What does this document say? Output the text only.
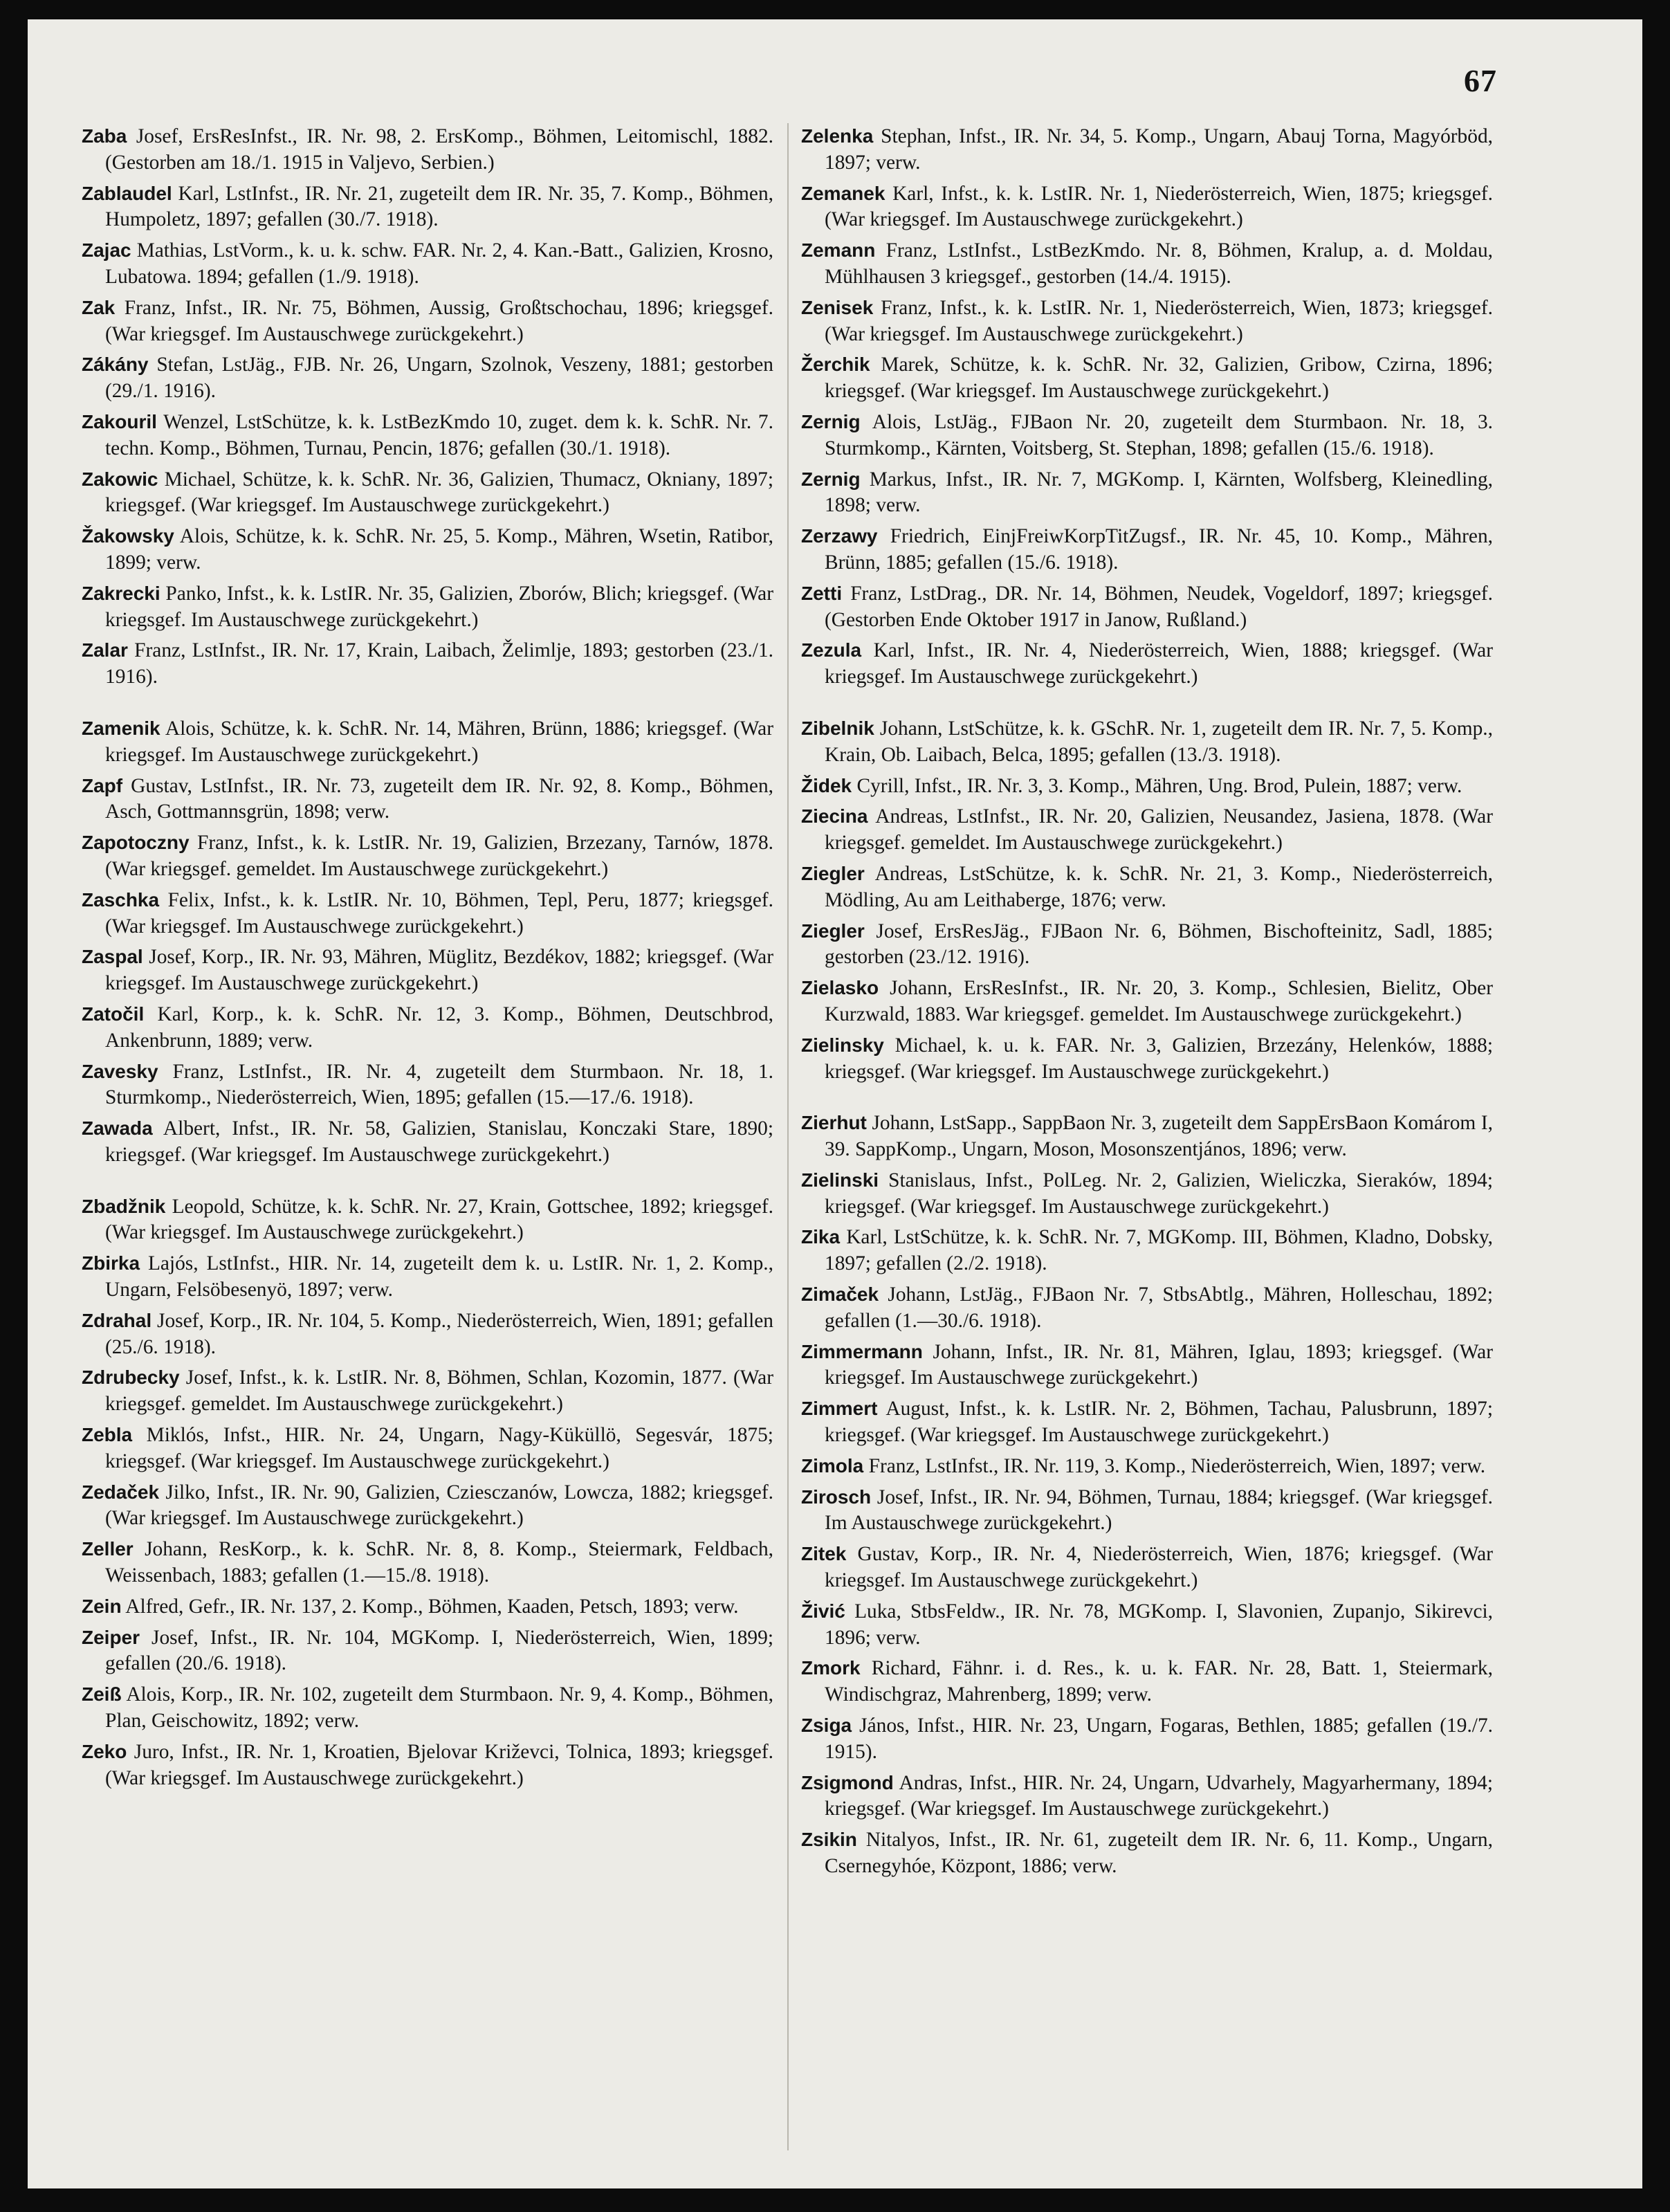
67

Zaba Josef, ErsResInfst., IR. Nr. 98, 2. ErsKomp., Böhmen, Leitomischl, 1882. (Gestorben am 18./1. 1915 in Valjevo, Serbien.)

Zablaudel Karl, LstInfst., IR. Nr. 21, zugeteilt dem IR. Nr. 35, 7. Komp., Böhmen, Humpoletz, 1897; gefallen (30./7. 1918).

Zajac Mathias, LstVorm., k. u. k. schw. FAR. Nr. 2, 4. Kan.-Batt., Galizien, Krosno, Lubatowa. 1894; gefallen (1./9. 1918).

Zak Franz, Infst., IR. Nr. 75, Böhmen, Aussig, Großtschochau, 1896; kriegsgef. (War kriegsgef. Im Austauschwege zurückgekehrt.)

Zákány Stefan, LstJäg., FJB. Nr. 26, Ungarn, Szolnok, Veszeny, 1881; gestorben (29./1. 1916).

Zakouril Wenzel, LstSchütze, k. k. LstBezKmdo 10, zuget. dem k. k. SchR. Nr. 7. techn. Komp., Böhmen, Turnau, Pencin, 1876; gefallen (30./1. 1918).

Zakowic Michael, Schütze, k. k. SchR. Nr. 36, Galizien, Thumacz, Okniany, 1897; kriegsgef. (War kriegsgef. Im Austauschwege zurückgekehrt.)

Žakowsky Alois, Schütze, k. k. SchR. Nr. 25, 5. Komp., Mähren, Wsetin, Ratibor, 1899; verw.

Zakrecki Panko, Infst., k. k. LstIR. Nr. 35, Galizien, Zborów, Blich; kriegsgef. (War kriegsgef. Im Austauschwege zurückgekehrt.)

Zalar Franz, LstInfst., IR. Nr. 17, Krain, Laibach, Želimlje, 1893; gestorben (23./1. 1916).

Zamenik Alois, Schütze, k. k. SchR. Nr. 14, Mähren, Brünn, 1886; kriegsgef. (War kriegsgef. Im Austauschwege zurückgekehrt.)

Zapf Gustav, LstInfst., IR. Nr. 73, zugeteilt dem IR. Nr. 92, 8. Komp., Böhmen, Asch, Gottmannsgrün, 1898; verw.

Zapotoczny Franz, Infst., k. k. LstIR. Nr. 19, Galizien, Brzezany, Tarnów, 1878. (War kriegsgef. gemeldet. Im Austauschwege zurückgekehrt.)

Zaschka Felix, Infst., k. k. LstIR. Nr. 10, Böhmen, Tepl, Peru, 1877; kriegsgef. (War kriegsgef. Im Austauschwege zurückgekehrt.)

Zaspal Josef, Korp., IR. Nr. 93, Mähren, Müglitz, Bezdékov, 1882; kriegsgef. (War kriegsgef. Im Austauschwege zurückgekehrt.)

Zatočil Karl, Korp., k. k. SchR. Nr. 12, 3. Komp., Böhmen, Deutschbrod, Ankenbrunn, 1889; verw.

Zavesky Franz, LstInfst., IR. Nr. 4, zugeteilt dem Sturmbaon. Nr. 18, 1. Sturmkomp., Niederösterreich, Wien, 1895; gefallen (15.—17./6. 1918).

Zawada Albert, Infst., IR. Nr. 58, Galizien, Stanislau, Konczaki Stare, 1890; kriegsgef. (War kriegsgef. Im Austauschwege zurückgekehrt.)

Zbadžnik Leopold, Schütze, k. k. SchR. Nr. 27, Krain, Gottschee, 1892; kriegsgef. (War kriegsgef. Im Austauschwege zurückgekehrt.)

Zbirka Lajós, LstInfst., HIR. Nr. 14, zugeteilt dem k. u. LstIR. Nr. 1, 2. Komp., Ungarn, Felsöbesenyö, 1897; verw.

Zdrahal Josef, Korp., IR. Nr. 104, 5. Komp., Niederösterreich, Wien, 1891; gefallen (25./6. 1918).

Zdrubecky Josef, Infst., k. k. LstIR. Nr. 8, Böhmen, Schlan, Kozomin, 1877. (War kriegsgef. gemeldet. Im Austauschwege zurückgekehrt.)

Zebla Miklós, Infst., HIR. Nr. 24, Ungarn, Nagy-Küküllö, Segesvár, 1875; kriegsgef. (War kriegsgef. Im Austauschwege zurückgekehrt.)

Zedaček Jilko, Infst., IR. Nr. 90, Galizien, Cziesczanów, Lowcza, 1882; kriegsgef. (War kriegsgef. Im Austauschwege zurückgekehrt.)

Zeller Johann, ResKorp., k. k. SchR. Nr. 8, 8. Komp., Steiermark, Feldbach, Weissenbach, 1883; gefallen (1.—15./8. 1918).

Zein Alfred, Gefr., IR. Nr. 137, 2. Komp., Böhmen, Kaaden, Petsch, 1893; verw.

Zeiper Josef, Infst., IR. Nr. 104, MGKomp. I, Niederösterreich, Wien, 1899; gefallen (20./6. 1918).

Zeiß Alois, Korp., IR. Nr. 102, zugeteilt dem Sturmbaon. Nr. 9, 4. Komp., Böhmen, Plan, Geischowitz, 1892; verw.

Zeko Juro, Infst., IR. Nr. 1, Kroatien, Bjelovar Križevci, Tolnica, 1893; kriegsgef. (War kriegsgef. Im Austauschwege zurückgekehrt.)

Zelenka Stephan, Infst., IR. Nr. 34, 5. Komp., Ungarn, Abauj Torna, Magyórböd, 1897; verw.

Zemanek Karl, Infst., k. k. LstIR. Nr. 1, Niederösterreich, Wien, 1875; kriegsgef. (War kriegsgef. Im Austauschwege zurückgekehrt.)

Zemann Franz, LstInfst., LstBezKmdo. Nr. 8, Böhmen, Kralup, a. d. Moldau, Mühlhausen 3 kriegsgef., gestorben (14./4. 1915).

Zenisek Franz, Infst., k. k. LstIR. Nr. 1, Niederösterreich, Wien, 1873; kriegsgef. (War kriegsgef. Im Austauschwege zurückgekehrt.)

Žerchik Marek, Schütze, k. k. SchR. Nr. 32, Galizien, Gribow, Czirna, 1896; kriegsgef. (War kriegsgef. Im Austauschwege zurückgekehrt.)

Zernig Alois, LstJäg., FJBaon Nr. 20, zugeteilt dem Sturmbaon. Nr. 18, 3. Sturmkomp., Kärnten, Voitsberg, St. Stephan, 1898; gefallen (15./6. 1918).

Zernig Markus, Infst., IR. Nr. 7, MGKomp. I, Kärnten, Wolfsberg, Kleinedling, 1898; verw.

Zerzawy Friedrich, EinjFreiwKorpTitZugsf., IR. Nr. 45, 10. Komp., Mähren, Brünn, 1885; gefallen (15./6. 1918).

Zetti Franz, LstDrag., DR. Nr. 14, Böhmen, Neudek, Vogeldorf, 1897; kriegsgef. (Gestorben Ende Oktober 1917 in Janow, Rußland.)

Zezula Karl, Infst., IR. Nr. 4, Niederösterreich, Wien, 1888; kriegsgef. (War kriegsgef. Im Austauschwege zurückgekehrt.)

Zibelnik Johann, LstSchütze, k. k. GSchR. Nr. 1, zugeteilt dem IR. Nr. 7, 5. Komp., Krain, Ob. Laibach, Belca, 1895; gefallen (13./3. 1918).

Židek Cyrill, Infst., IR. Nr. 3, 3. Komp., Mähren, Ung. Brod, Pulein, 1887; verw.

Ziecina Andreas, LstInfst., IR. Nr. 20, Galizien, Neusandez, Jasiena, 1878. (War kriegsgef. gemeldet. Im Austauschwege zurückgekehrt.)

Ziegler Andreas, LstSchütze, k. k. SchR. Nr. 21, 3. Komp., Niederösterreich, Mödling, Au am Leithaberge, 1876; verw.

Ziegler Josef, ErsResJäg., FJBaon Nr. 6, Böhmen, Bischofteinitz, Sadl, 1885; gestorben (23./12. 1916).

Zielasko Johann, ErsResInfst., IR. Nr. 20, 3. Komp., Schlesien, Bielitz, Ober Kurzwald, 1883. War kriegsgef. gemeldet. Im Austauschwege zurückgekehrt.)

Zielinsky Michael, k. u. k. FAR. Nr. 3, Galizien, Brzezány, Helenków, 1888; kriegsgef. (War kriegsgef. Im Austauschwege zurückgekehrt.)

Zierhut Johann, LstSapp., SappBaon Nr. 3, zugeteilt dem SappErsBaon Komárom I, 39. SappKomp., Ungarn, Moson, Mosonszentjános, 1896; verw.

Zielinski Stanislaus, Infst., PolLeg. Nr. 2, Galizien, Wieliczka, Sieraków, 1894; kriegsgef. (War kriegsgef. Im Austauschwege zurückgekehrt.)

Zika Karl, LstSchütze, k. k. SchR. Nr. 7, MGKomp. III, Böhmen, Kladno, Dobsky, 1897; gefallen (2./2. 1918).

Zimaček Johann, LstJäg., FJBaon Nr. 7, StbsAbtlg., Mähren, Holleschau, 1892; gefallen (1.—30./6. 1918).

Zimmermann Johann, Infst., IR. Nr. 81, Mähren, Iglau, 1893; kriegsgef. (War kriegsgef. Im Austauschwege zurückgekehrt.)

Zimmert August, Infst., k. k. LstIR. Nr. 2, Böhmen, Tachau, Palusbrunn, 1897; kriegsgef. (War kriegsgef. Im Austauschwege zurückgekehrt.)

Zimola Franz, LstInfst., IR. Nr. 119, 3. Komp., Niederösterreich, Wien, 1897; verw.

Zirosch Josef, Infst., IR. Nr. 94, Böhmen, Turnau, 1884; kriegsgef. (War kriegsgef. Im Austauschwege zurückgekehrt.)

Zitek Gustav, Korp., IR. Nr. 4, Niederösterreich, Wien, 1876; kriegsgef. (War kriegsgef. Im Austauschwege zurückgekehrt.)

Živić Luka, StbsFeldw., IR. Nr. 78, MGKomp. I, Slavonien, Zupanjo, Sikirevci, 1896; verw.

Zmork Richard, Fähnr. i. d. Res., k. u. k. FAR. Nr. 28, Batt. 1, Steiermark, Windischgraz, Mahrenberg, 1899; verw.

Zsiga János, Infst., HIR. Nr. 23, Ungarn, Fogaras, Bethlen, 1885; gefallen (19./7. 1915).

Zsigmond Andras, Infst., HIR. Nr. 24, Ungarn, Udvarhely, Magyarhermany, 1894; kriegsgef. (War kriegsgef. Im Austauschwege zurückgekehrt.)

Zsikin Nitalyos, Infst., IR. Nr. 61, zugeteilt dem IR. Nr. 6, 11. Komp., Ungarn, Csernegyhóe, Központ, 1886; verw.
